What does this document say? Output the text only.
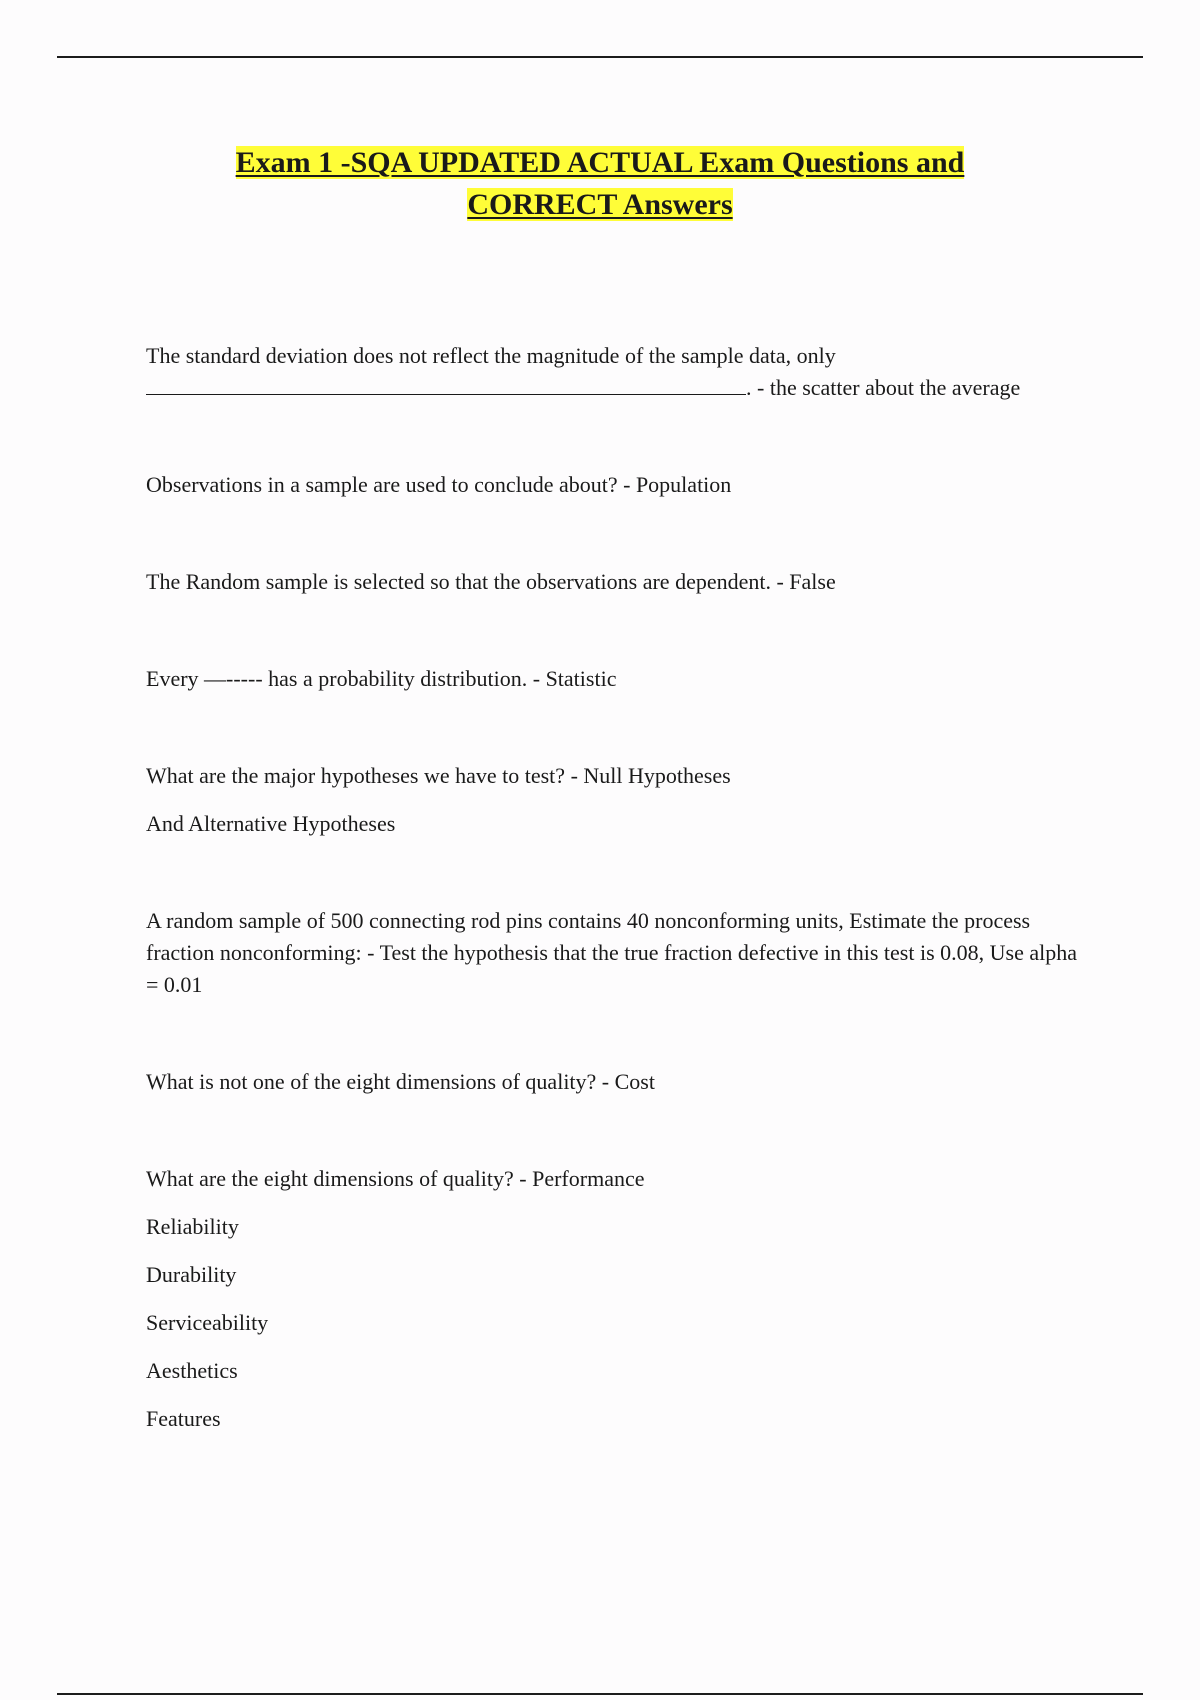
Exam 1 -SQA UPDATED ACTUAL Exam Questions and
CORRECT Answers

The standard deviation does not reflect the magnitude of the sample data, only

. - the scatter about the average

Observations in a sample are used to conclude about? - Population

The Random sample is selected so that the observations are dependent. - False

Every —----- has a probability distribution. - Statistic

What are the major hypotheses we have to test? - Null Hypotheses

And Alternative Hypotheses

A random sample of 500 connecting rod pins contains 40 nonconforming units, Estimate the process fraction nonconforming: - Test the hypothesis that the true fraction defective in this test is 0.08, Use alpha = 0.01

What is not one of the eight dimensions of quality? - Cost

What are the eight dimensions of quality? - Performance

Reliability

Durability

Serviceability

Aesthetics

Features
